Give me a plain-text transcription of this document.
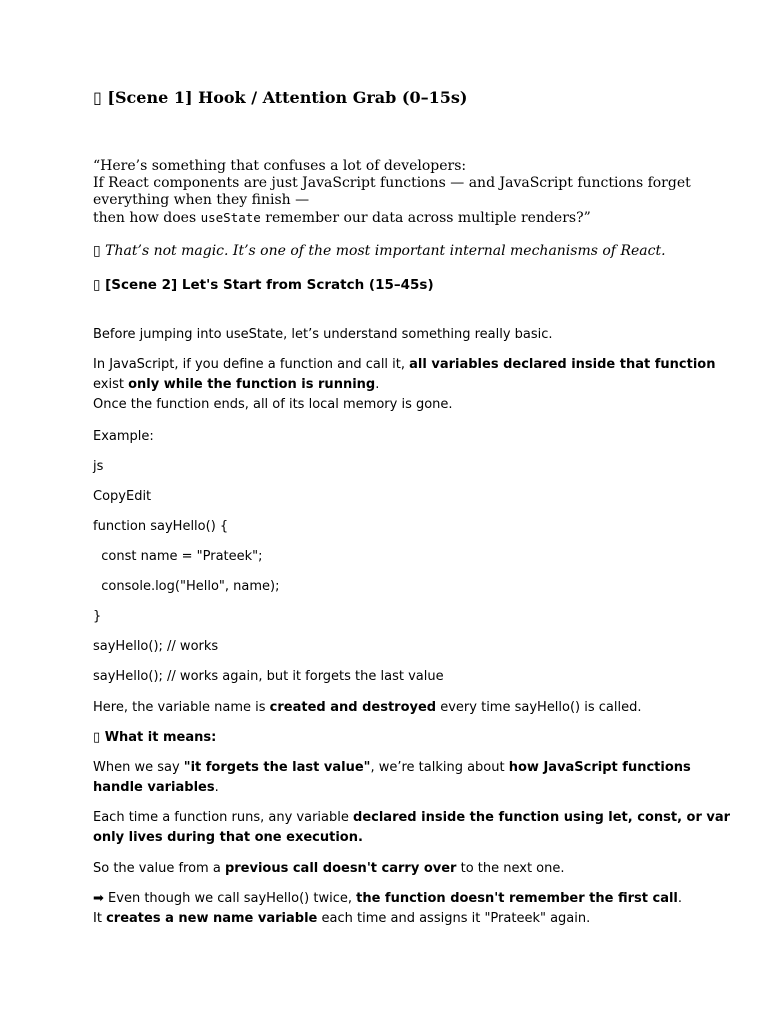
▯ [Scene 1] Hook / Attention Grab (0–15s)
“Here’s something that confuses a lot of developers:
If React components are just JavaScript functions — and JavaScript functions forget
everything when they finish —
then how does useState remember our data across multiple renders?”
▯ That’s not magic. It’s one of the most important internal mechanisms of React.
▯ [Scene 2] Let's Start from Scratch (15–45s)
Before jumping into useState, let’s understand something really basic.
In JavaScript, if you define a function and call it, all variables declared inside that function
exist only while the function is running.
Once the function ends, all of its local memory is gone.
Example:
js
CopyEdit
function sayHello() {
const name = "Prateek";
console.log("Hello", name);
}
sayHello(); // works
sayHello(); // works again, but it forgets the last value
Here, the variable name is created and destroyed every time sayHello() is called.
▯ What it means:
When we say "it forgets the last value", we’re talking about how JavaScript functions
handle variables.
Each time a function runs, any variable declared inside the function using let, const, or var
only lives during that one execution.
So the value from a previous call doesn't carry over to the next one.
➡ Even though we call sayHello() twice, the function doesn't remember the first call.
It creates a new name variable each time and assigns it "Prateek" again.
